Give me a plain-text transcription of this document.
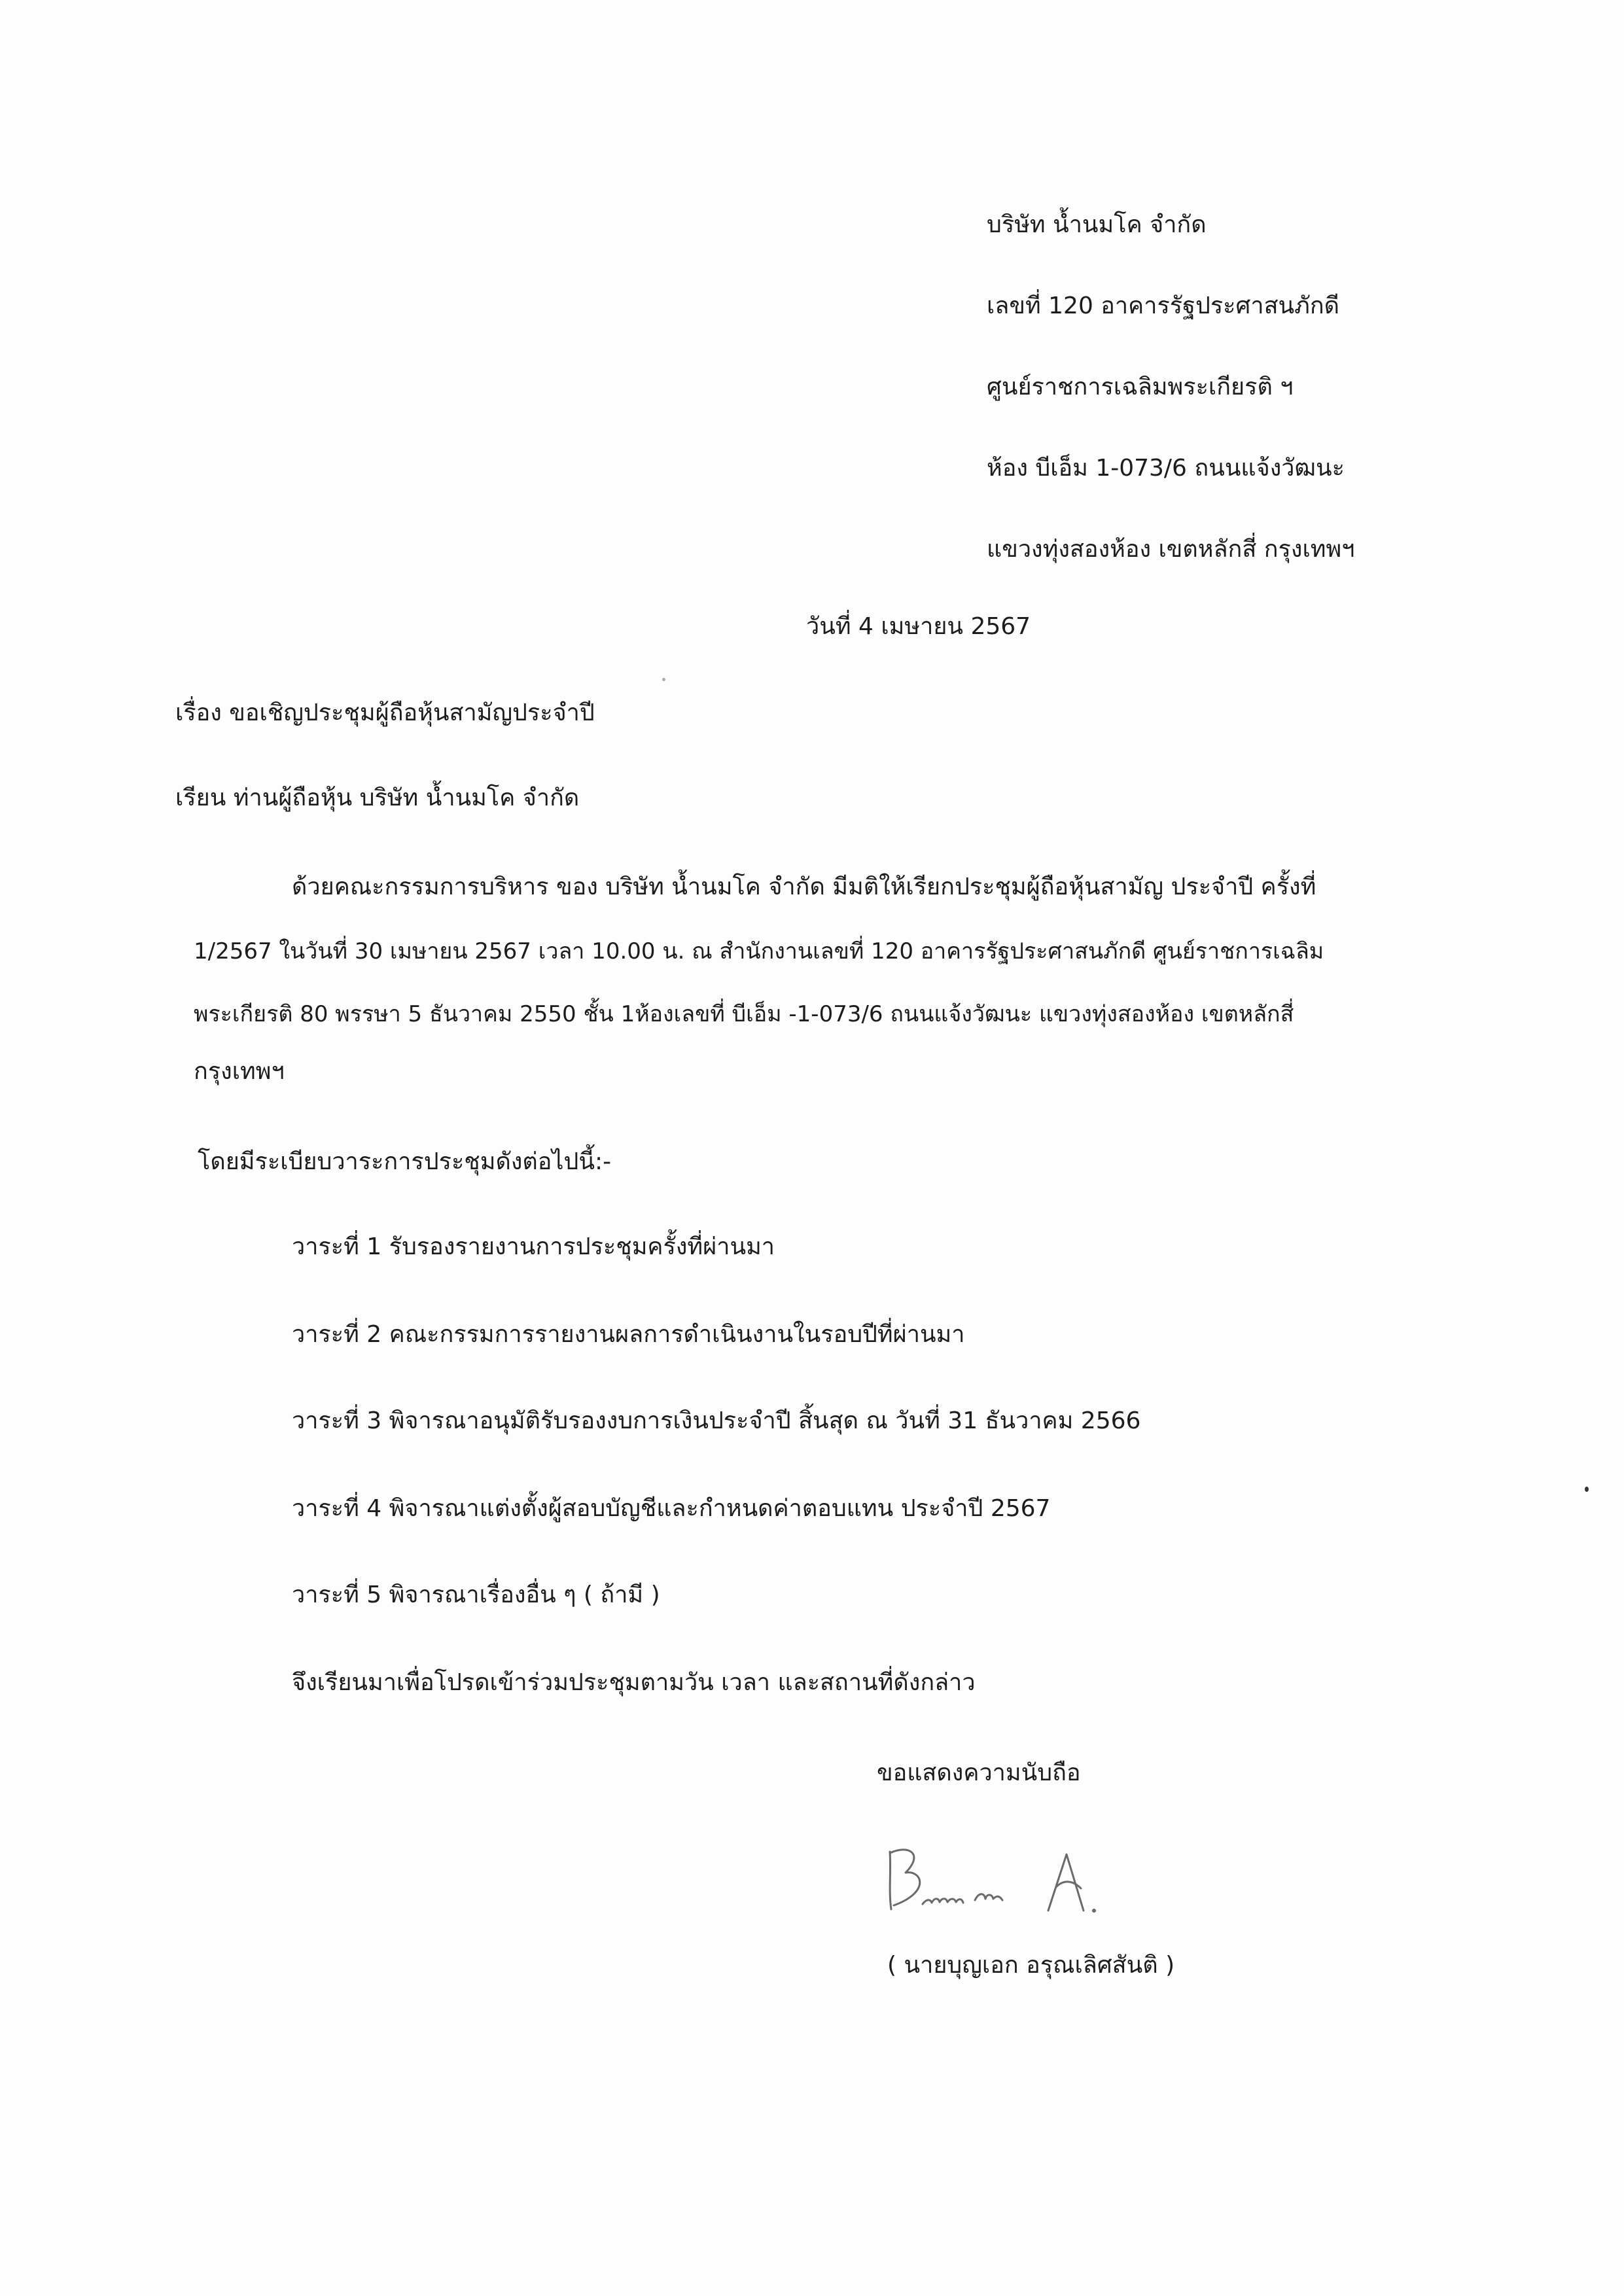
บริษัท น้ำนมโค จำกัด
เลขที่ 120 อาคารรัฐประศาสนภักดี
ศูนย์ราชการเฉลิมพระเกียรติ ฯ
ห้อง บีเอ็ม 1-073/6 ถนนแจ้งวัฒนะ
แขวงทุ่งสองห้อง เขตหลักสี่ กรุงเทพฯ
วันที่ 4 เมษายน 2567
เรื่อง ขอเชิญประชุมผู้ถือหุ้นสามัญประจำปี
เรียน ท่านผู้ถือหุ้น บริษัท น้ำนมโค จำกัด
ด้วยคณะกรรมการบริหาร ของ บริษัท น้ำนมโค จำกัด มีมติให้เรียกประชุมผู้ถือหุ้นสามัญ ประจำปี ครั้งที่
1/2567 ในวันที่ 30 เมษายน 2567 เวลา 10.00 น. ณ สำนักงานเลขที่ 120 อาคารรัฐประศาสนภักดี ศูนย์ราชการเฉลิม
พระเกียรติ 80 พรรษา 5 ธันวาคม 2550 ชั้น 1ห้องเลขที่ บีเอ็ม -1-073/6 ถนนแจ้งวัฒนะ แขวงทุ่งสองห้อง เขตหลักสี่
กรุงเทพฯ
โดยมีระเบียบวาระการประชุมดังต่อไปนี้:-
วาระที่ 1 รับรองรายงานการประชุมครั้งที่ผ่านมา
วาระที่ 2 คณะกรรมการรายงานผลการดำเนินงานในรอบปีที่ผ่านมา
วาระที่ 3 พิจารณาอนุมัติรับรองงบการเงินประจำปี สิ้นสุด ณ วันที่ 31 ธันวาคม 2566
วาระที่ 4 พิจารณาแต่งตั้งผู้สอบบัญชีและกำหนดค่าตอบแทน ประจำปี 2567
วาระที่ 5 พิจารณาเรื่องอื่น ๆ ( ถ้ามี )
จึงเรียนมาเพื่อโปรดเข้าร่วมประชุมตามวัน เวลา และสถานที่ดังกล่าว
ขอแสดงความนับถือ
( นายบุญเอก อรุณเลิศสันติ )
